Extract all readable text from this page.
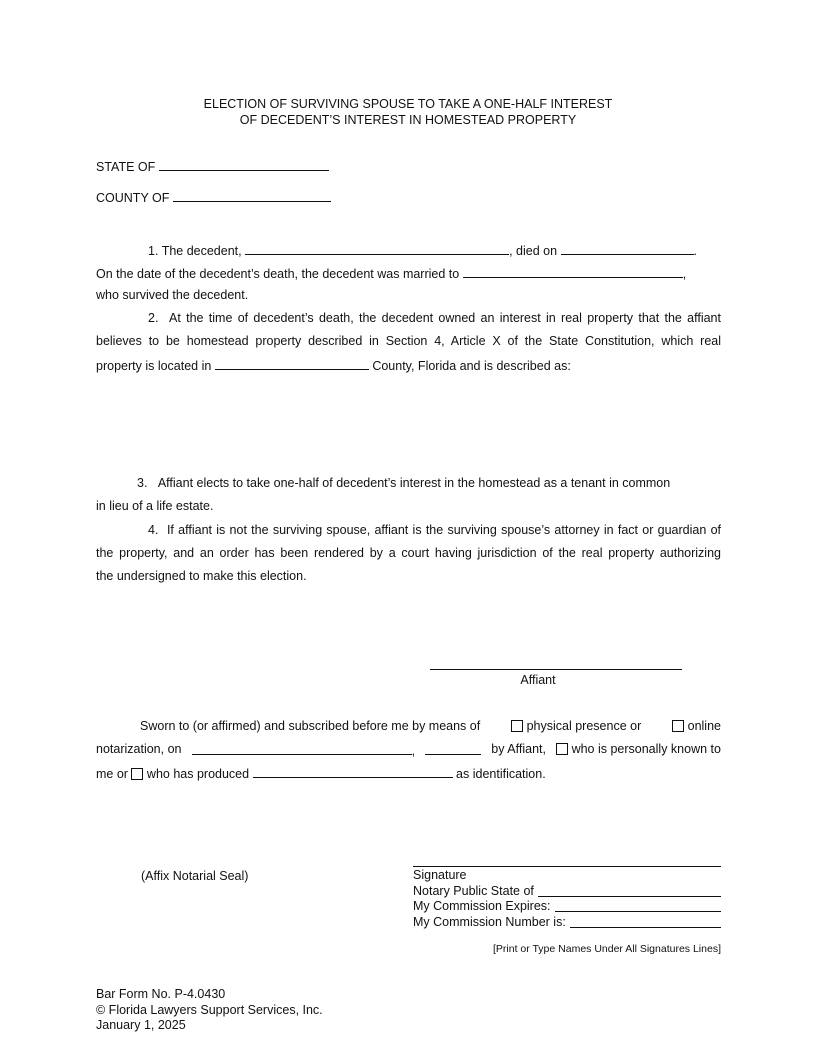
ELECTION OF SURVIVING SPOUSE TO TAKE A ONE-HALF INTEREST
OF DECEDENT’S INTEREST IN HOMESTEAD PROPERTY
STATE OF
COUNTY OF
1. The decedent,	, died on	.
On the date of the decedent’s death, the decedent was married to	,
who survived the decedent.
2.  At the time of decedent’s death, the decedent owned an interest in real property that the affiant
believes to be homestead property described in Section 4, Article X of the State Constitution, which real
property is located in	County, Florida and is described as:
3.   Affiant elects to take one-half of decedent’s interest in the homestead as a tenant in common
in lieu of a life estate.
4.  If affiant is not the surviving spouse, affiant is the surviving spouse’s attorney in fact or guardian of
the property, and an order has been rendered by a court having jurisdiction of the real property authorizing
the undersigned to make this election.
Affiant
Sworn to (or affirmed) and subscribed before me by means of	physical presence or	online
notarization, on	,	by Affiant,	who is personally known to
me or who has produced	as identification.
(Affix Notarial Seal)	Signature
Notary Public State of
My Commission Expires:
My Commission Number is:
[Print or Type Names Under All Signatures Lines]
Bar Form No. P-4.0430
© Florida Lawyers Support Services, Inc.
January 1, 2025
